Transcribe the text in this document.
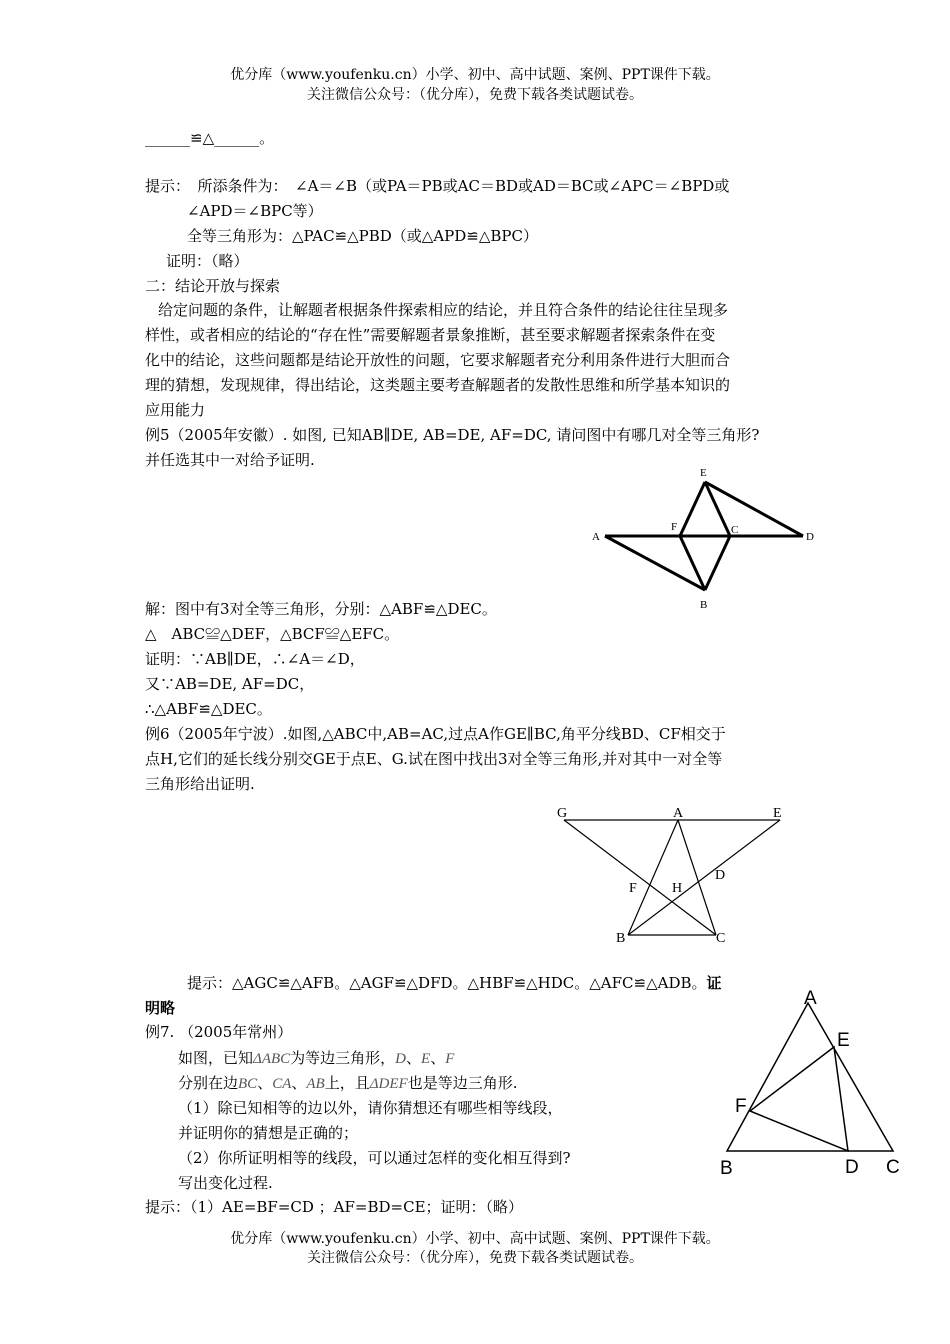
优分库（www.youfenku.cn）小学、初中、高中试题、案例、PPT课件下载。
关注微信公众号：（优分库），免费下载各类试题试卷。
______≌△______。
提示：　所添条件为：　∠A＝∠B（或PA＝PB或AC＝BD或AD＝BC或∠APC＝∠BPD或
∠APD＝∠BPC等）
全等三角形为：△PAC≌△PBD（或△APD≌△BPC）
证明：（略）
二：结论开放与探索
给定问题的条件，让解题者根据条件探索相应的结论，并且符合条件的结论往往呈现多
样性，或者相应的结论的“存在性”需要解题者景象推断，甚至要求解题者探索条件在变
化中的结论，这些问题都是结论开放性的问题，它要求解题者充分利用条件进行大胆而合
理的猜想，发现规律，得出结论，这类题主要考查解题者的发散性思维和所学基本知识的
应用能力
例5（2005年安徽）. 如图, 已知AB∥DE, AB=DE, AF=DC, 请问图中有哪几对全等三角形?
并任选其中一对给予证明.
A
B
C
D
E
F
解：图中有3对全等三角形，分别：△ABF≌△DEC。
△　ABC≌△DEF，△BCF≌△EFC。
证明：∵AB∥DE，∴∠A＝∠D，
又∵AB=DE, AF=DC，
∴△ABF≌△DEC。
例6（2005年宁波）.如图,△ABC中,AB=AC,过点A作GE∥BC,角平分线BD、CF相交于
点H,它们的延长线分别交GE于点E、G.试在图中找出3对全等三角形,并对其中一对全等
三角形给出证明.
G	A	E
F	H
D
B	C
提示：△AGC≌△AFB。△AGF≌△DFD。△HBF≌△HDC。△AFC≌△ADB。证
明略
例7. （2005年常州）
如图，已知ΔABC为等边三角形，D、E、F
分别在边BC、CA、AB上，且ΔDEF也是等边三角形.
（1）除已知相等的边以外，请你猜想还有哪些相等线段，
并证明你的猜想是正确的；
（2）你所证明相等的线段，可以通过怎样的变化相互得到?
写出变化过程.
提示：（1）AE=BF=CD ；AF=BD=CE；证明：（略）
A
E
F
B	D C
优分库（www.youfenku.cn）小学、初中、高中试题、案例、PPT课件下载。
关注微信公众号：（优分库），免费下载各类试题试卷。
